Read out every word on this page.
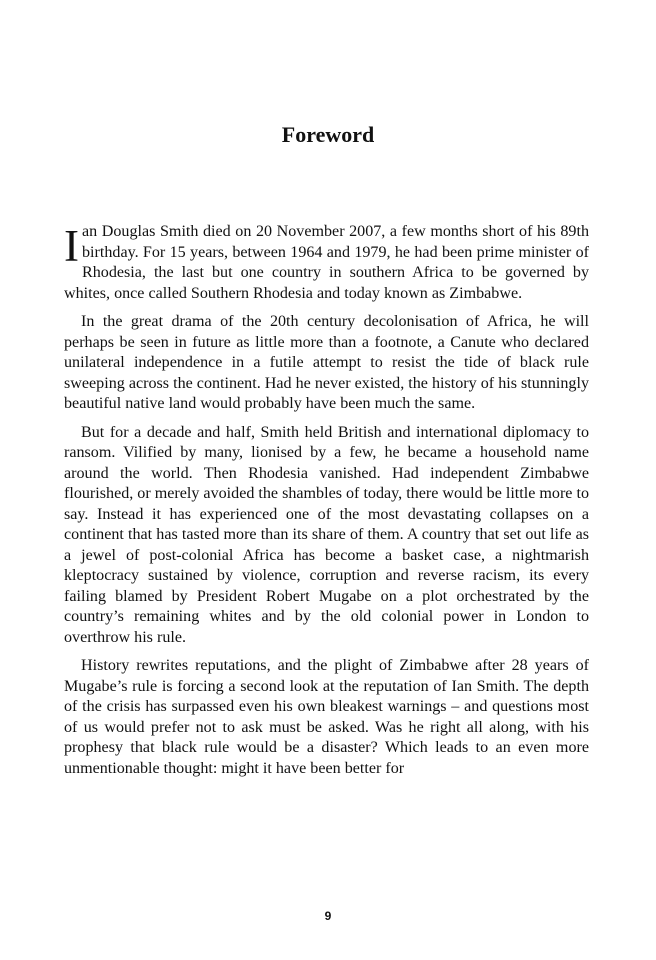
Foreword

Ian Douglas Smith died on 20 November 2007, a few months short of his 89th birthday. For 15 years, between 1964 and 1979, he had been prime minister of Rhodesia, the last but one country in southern Africa to be governed by whites, once called Southern Rhodesia and today known as Zimbabwe.

In the great drama of the 20th century decolonisation of Africa, he will perhaps be seen in future as little more than a footnote, a Canute who declared unilateral independence in a futile attempt to resist the tide of black rule sweeping across the continent. Had he never existed, the history of his stunningly beautiful native land would probably have been much the same.

But for a decade and half, Smith held British and international diplomacy to ransom. Vilified by many, lionised by a few, he became a household name around the world. Then Rhodesia vanished. Had independent Zimbabwe flourished, or merely avoided the shambles of today, there would be little more to say. Instead it has experienced one of the most devastating collapses on a continent that has tasted more than its share of them. A country that set out life as a jewel of post-colonial Africa has become a basket case, a nightmarish kleptocracy sustained by violence, corruption and reverse racism, its every failing blamed by President Robert Mugabe on a plot orchestrated by the country’s remaining whites and by the old colonial power in London to overthrow his rule.

History rewrites reputations, and the plight of Zimbabwe after 28 years of Mugabe’s rule is forcing a second look at the reputation of Ian Smith. The depth of the crisis has surpassed even his own bleakest warnings – and questions most of us would prefer not to ask must be asked. Was he right all along, with his prophesy that black rule would be a disaster? Which leads to an even more unmentionable thought: might it have been better for

9
